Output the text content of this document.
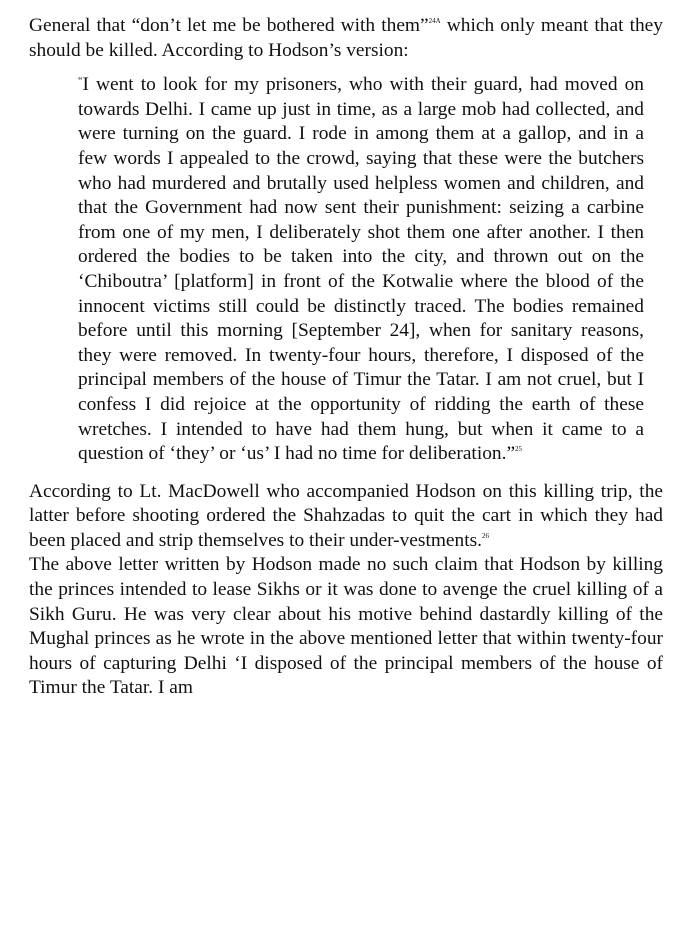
General that “don’t let me be bothered with them”$^{24A}$ which only meant that they should be killed. According to Hodson’s version:

“I went to look for my prisoners, who with their guard, had moved on towards Delhi. I came up just in time, as a large mob had collected, and were turning on the guard. I rode in among them at a gallop, and in a few words I appealed to the crowd, saying that these were the butchers who had murdered and brutally used helpless women and children, and that the Government had now sent their punishment: seizing a carbine from one of my men, I deliberately shot them one after another. I then ordered the bodies to be taken into the city, and thrown out on the ‘Chiboutra’ [platform] in front of the Kotwalie where the blood of the innocent victims still could be distinctly traced. The bodies remained before until this morning [September 24], when for sanitary reasons, they were removed. In twenty-four hours, therefore, I disposed of the principal members of the house of Timur the Tatar. I am not cruel, but I confess I did rejoice at the opportunity of ridding the earth of these wretches. I intended to have had them hung, but when it came to a question of ‘they’ or ‘us’ I had no time for deliberation.”$^{25}$

According to Lt. MacDowell who accompanied Hodson on this killing trip, the latter before shooting ordered the Shahzadas to quit the cart in which they had been placed and strip themselves to their under-vestments.$^{26}$

The above letter written by Hodson made no such claim that Hodson by killing the princes intended to lease Sikhs or it was done to avenge the cruel killing of a Sikh Guru. He was very clear about his motive behind dastardly killing of the Mughal princes as he wrote in the above mentioned letter that within twenty-four hours of capturing Delhi ‘I disposed of the principal members of the house of Timur the Tatar. I am
